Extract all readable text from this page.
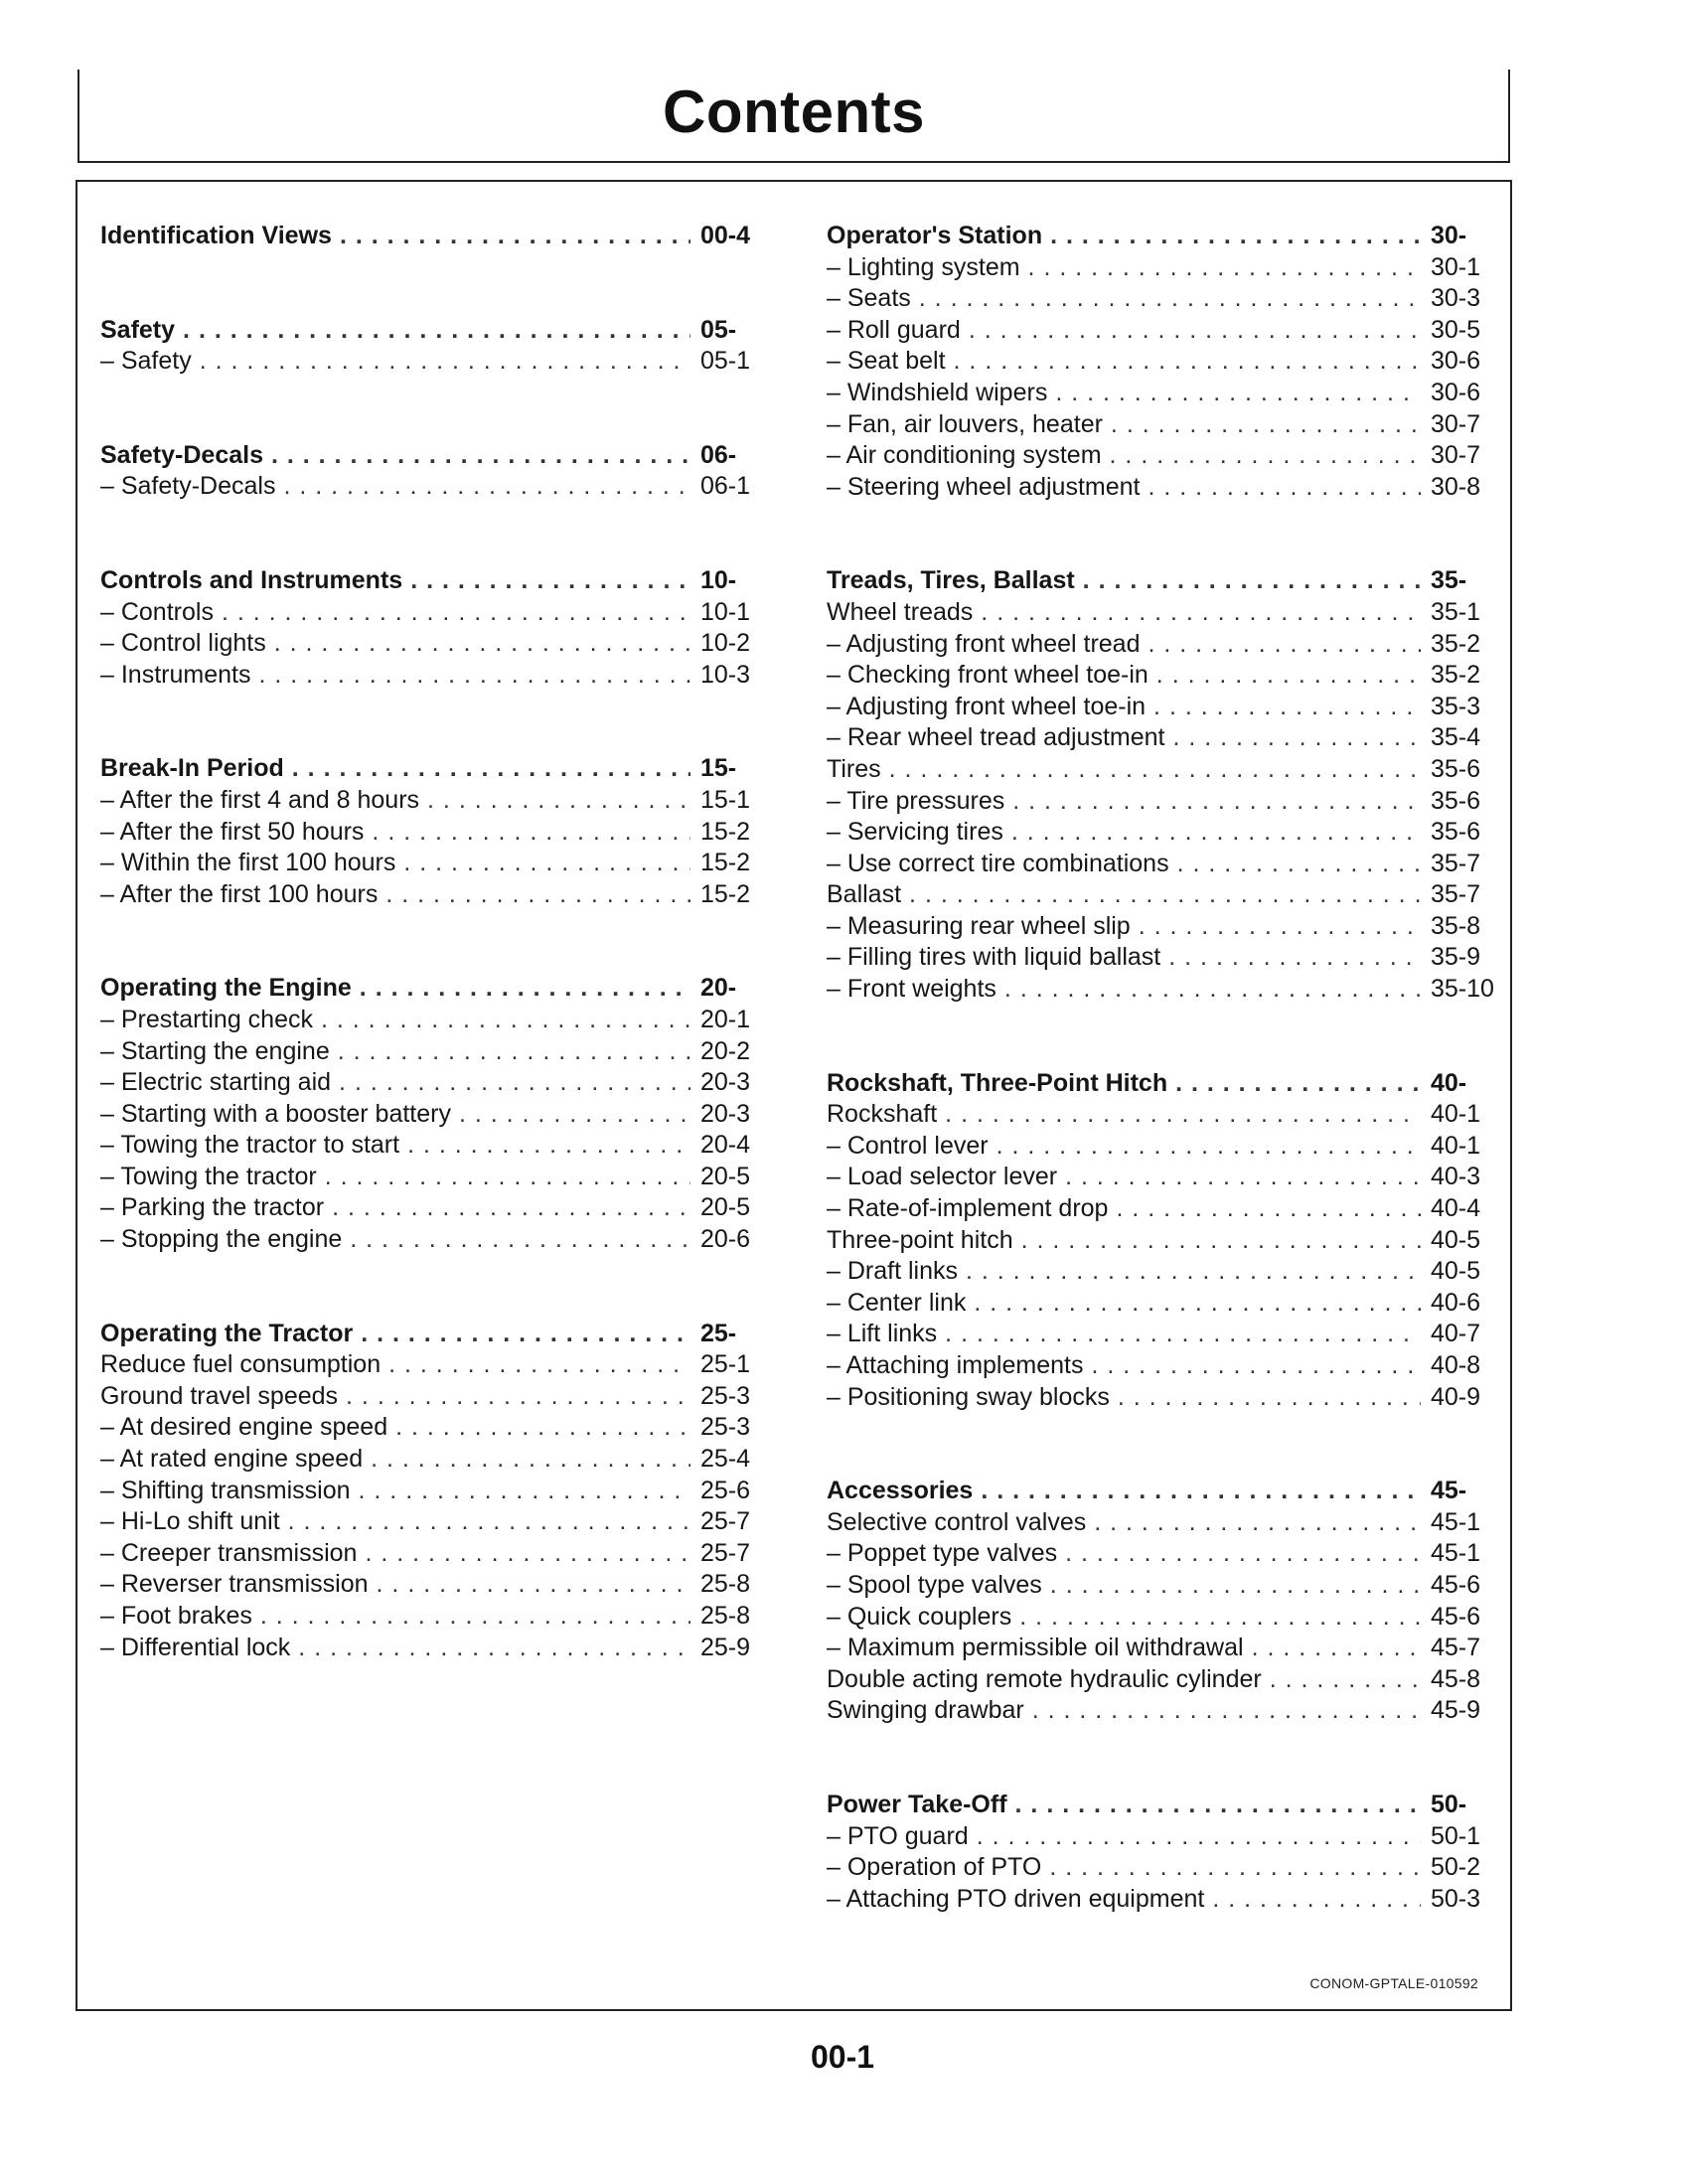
Contents
Identification Views . . .	00-4
Safety . . .	05-
– Safety . . .	05-1
Safety-Decals . . .	06-
– Safety-Decals . . .	06-1
Controls and Instruments . . .	10-
– Controls . . .	10-1
– Control lights . . .	10-2
– Instruments . . .	10-3
Break-In Period . . .	15-
– After the first 4 and 8 hours . . .	15-1
– After the first 50 hours . . .	15-2
– Within the first 100 hours . . .	15-2
– After the first 100 hours . . .	15-2
Operating the Engine . . .	20-
– Prestarting check . . .	20-1
– Starting the engine . . .	20-2
– Electric starting aid . . .	20-3
– Starting with a booster battery . . .	20-3
– Towing the tractor to start . . .	20-4
– Towing the tractor . . .	20-5
– Parking the tractor . . .	20-5
– Stopping the engine . . .	20-6
Operating the Tractor . . .	25-
Reduce fuel consumption . . .	25-1
Ground travel speeds . . .	25-3
– At desired engine speed . . .	25-3
– At rated engine speed . . .	25-4
– Shifting transmission . . .	25-6
– Hi-Lo shift unit . . .	25-7
– Creeper transmission . . .	25-7
– Reverser transmission . . .	25-8
– Foot brakes . . .	25-8
– Differential lock . . .	25-9
Operator's Station . . .	30-
– Lighting system . . .	30-1
– Seats . . .	30-3
– Roll guard . . .	30-5
– Seat belt . . .	30-6
– Windshield wipers . . .	30-6
– Fan, air louvers, heater . . .	30-7
– Air conditioning system . . .	30-7
– Steering wheel adjustment . . .	30-8
Treads, Tires, Ballast . . .	35-
Wheel treads . . .	35-1
– Adjusting front wheel tread . . .	35-2
– Checking front wheel toe-in . . .	35-2
– Adjusting front wheel toe-in . . .	35-3
– Rear wheel tread adjustment . . .	35-4
Tires . . .	35-6
– Tire pressures . . .	35-6
– Servicing tires . . .	35-6
– Use correct tire combinations . . .	35-7
Ballast . . .	35-7
– Measuring rear wheel slip . . .	35-8
– Filling tires with liquid ballast . . .	35-9
– Front weights . . .	35-10
Rockshaft, Three-Point Hitch . . .	40-
Rockshaft . . .	40-1
– Control lever . . .	40-1
– Load selector lever . . .	40-3
– Rate-of-implement drop . . .	40-4
Three-point hitch . . .	40-5
– Draft links . . .	40-5
– Center link . . .	40-6
– Lift links . . .	40-7
– Attaching implements . . .	40-8
– Positioning sway blocks . . .	40-9
Accessories . . .	45-
Selective control valves . . .	45-1
– Poppet type valves . . .	45-1
– Spool type valves . . .	45-6
– Quick couplers . . .	45-6
– Maximum permissible oil withdrawal . . .	45-7
Double acting remote hydraulic cylinder . . .	45-8
Swinging drawbar . . .	45-9
Power Take-Off . . .	50-
– PTO guard . . .	50-1
– Operation of PTO . . .	50-2
– Attaching PTO driven equipment . . .	50-3
CONOM-GPTALE-010592
00-1
